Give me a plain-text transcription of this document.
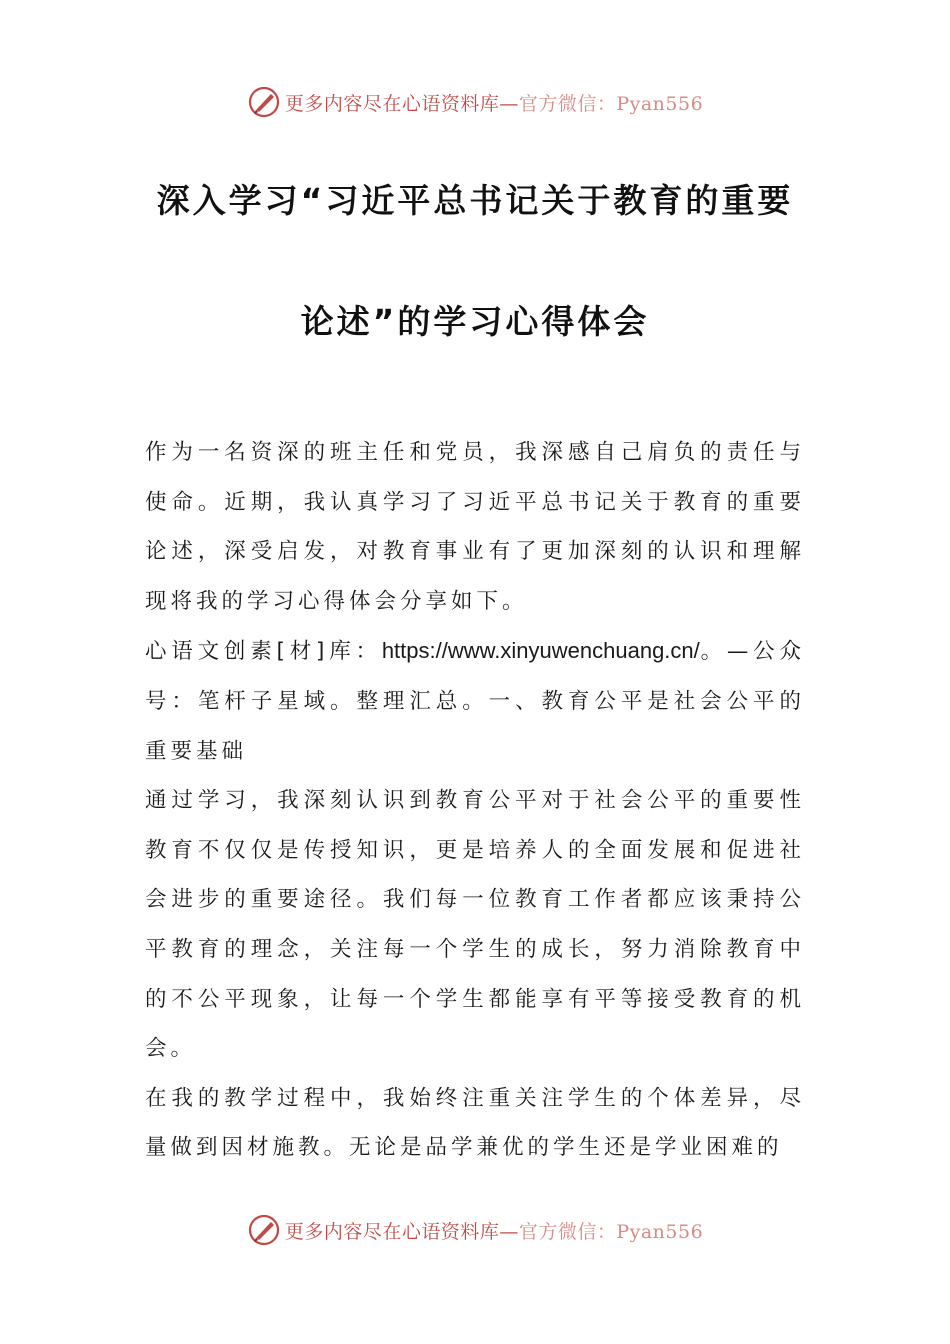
更多内容尽在心语资料库—官方微信：Pyan556
深入学习“习近平总书记关于教育的重要
论述”的学习心得体会

作为一名资深的班主任和党员，我深感自己肩负的责任与使命。近期，我认真学习了习近平总书记关于教育的重要论述，深受启发，对教育事业有了更加深刻的认识和理解现将我的学习心得体会分享如下。

心语文创素[材]库：https://www.xinyuwenchuang.cn/。—公众号：笔杆子星域。整理汇总。一、教育公平是社会公平的重要基础

通过学习，我深刻认识到教育公平对于社会公平的重要性教育不仅仅是传授知识，更是培养人的全面发展和促进社会进步的重要途径。我们每一位教育工作者都应该秉持公平教育的理念，关注每一个学生的成长，努力消除教育中的不公平现象，让每一个学生都能享有平等接受教育的机会。

在我的教学过程中，我始终注重关注学生的个体差异，尽量做到因材施教。无论是品学兼优的学生还是学业困难的

更多内容尽在心语资料库—官方微信：Pyan556
